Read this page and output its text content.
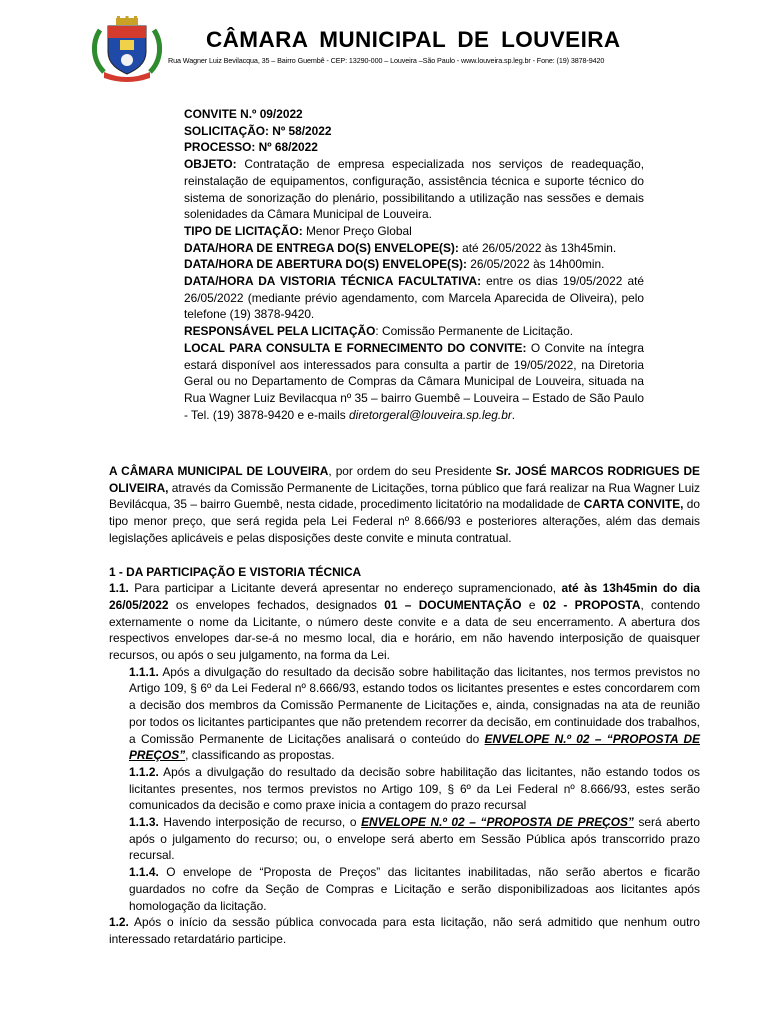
CÂMARA MUNICIPAL DE LOUVEIRA
Rua Wagner Luiz Bevilacqua, 35 – Bairro Guembê - CEP: 13290-000 – Louveira –São Paulo - www.louveira.sp.leg.br - Fone: (19) 3878-9420

CONVITE N.º 09/2022

SOLICITAÇÃO: Nº 58/2022

PROCESSO: Nº 68/2022

OBJETO: Contratação de empresa especializada nos serviços de readequação, reinstalação de equipamentos, configuração, assistência técnica e suporte técnico do sistema de sonorização do plenário, possibilitando a utilização nas sessões e demais solenidades da Câmara Municipal de Louveira.

TIPO DE LICITAÇÃO: Menor Preço Global

DATA/HORA DE ENTREGA DO(S) ENVELOPE(S): até 26/05/2022 às 13h45min.

DATA/HORA DE ABERTURA DO(S) ENVELOPE(S): 26/05/2022 às 14h00min.

DATA/HORA DA VISTORIA TÉCNICA FACULTATIVA: entre os dias 19/05/2022 até 26/05/2022 (mediante prévio agendamento, com Marcela Aparecida de Oliveira), pelo telefone (19) 3878-9420.

RESPONSÁVEL PELA LICITAÇÃO: Comissão Permanente de Licitação.

LOCAL PARA CONSULTA E FORNECIMENTO DO CONVITE: O Convite na íntegra estará disponível aos interessados para consulta a partir de 19/05/2022, na Diretoria Geral ou no Departamento de Compras da Câmara Municipal de Louveira, situada na Rua Wagner Luiz Bevilacqua nº 35 – bairro Guembê – Louveira – Estado de São Paulo - Tel. (19) 3878-9420 e e-mails diretorgeral@louveira.sp.leg.br.

A CÂMARA MUNICIPAL DE LOUVEIRA, por ordem do seu Presidente Sr. JOSÉ MARCOS RODRIGUES DE OLIVEIRA, através da Comissão Permanente de Licitações, torna público que fará realizar na Rua Wagner Luiz Bevilácqua, 35 – bairro Guembê, nesta cidade, procedimento licitatório na modalidade de CARTA CONVITE, do tipo menor preço, que será regida pela Lei Federal nº 8.666/93 e posteriores alterações, além das demais legislações aplicáveis e pelas disposições deste convite e minuta contratual.

1 - DA PARTICIPAÇÃO E VISTORIA TÉCNICA

1.1. Para participar a Licitante deverá apresentar no endereço supramencionado, até às 13h45min do dia 26/05/2022 os envelopes fechados, designados 01 – DOCUMENTAÇÃO e 02 - PROPOSTA, contendo externamente o nome da Licitante, o número deste convite e a data de seu encerramento. A abertura dos respectivos envelopes dar-se-á no mesmo local, dia e horário, em não havendo interposição de quaisquer recursos, ou após o seu julgamento, na forma da Lei.

1.1.1. Após a divulgação do resultado da decisão sobre habilitação das licitantes, nos termos previstos no Artigo 109, § 6º da Lei Federal nº 8.666/93, estando todos os licitantes presentes e estes concordarem com a decisão dos membros da Comissão Permanente de Licitações e, ainda, consignadas na ata de reunião por todos os licitantes participantes que não pretendem recorrer da decisão, em continuidade dos trabalhos, a Comissão Permanente de Licitações analisará o conteúdo do ENVELOPE N.º 02 – “PROPOSTA DE PREÇOS”, classificando as propostas.

1.1.2. Após a divulgação do resultado da decisão sobre habilitação das licitantes, não estando todos os licitantes presentes, nos termos previstos no Artigo 109, § 6º da Lei Federal nº 8.666/93, estes serão comunicados da decisão e como praxe inicia a contagem do prazo recursal

1.1.3. Havendo interposição de recurso, o ENVELOPE N.º 02 – “PROPOSTA DE PREÇOS” será aberto após o julgamento do recurso; ou, o envelope será aberto em Sessão Pública após transcorrido prazo recursal.

1.1.4. O envelope de “Proposta de Preços” das licitantes inabilitadas, não serão abertos e ficarão guardados no cofre da Seção de Compras e Licitação e serão disponibilizadoas aos licitantes após homologação da licitação.

1.2. Após o início da sessão pública convocada para esta licitação, não será admitido que nenhum outro interessado retardatário participe.
